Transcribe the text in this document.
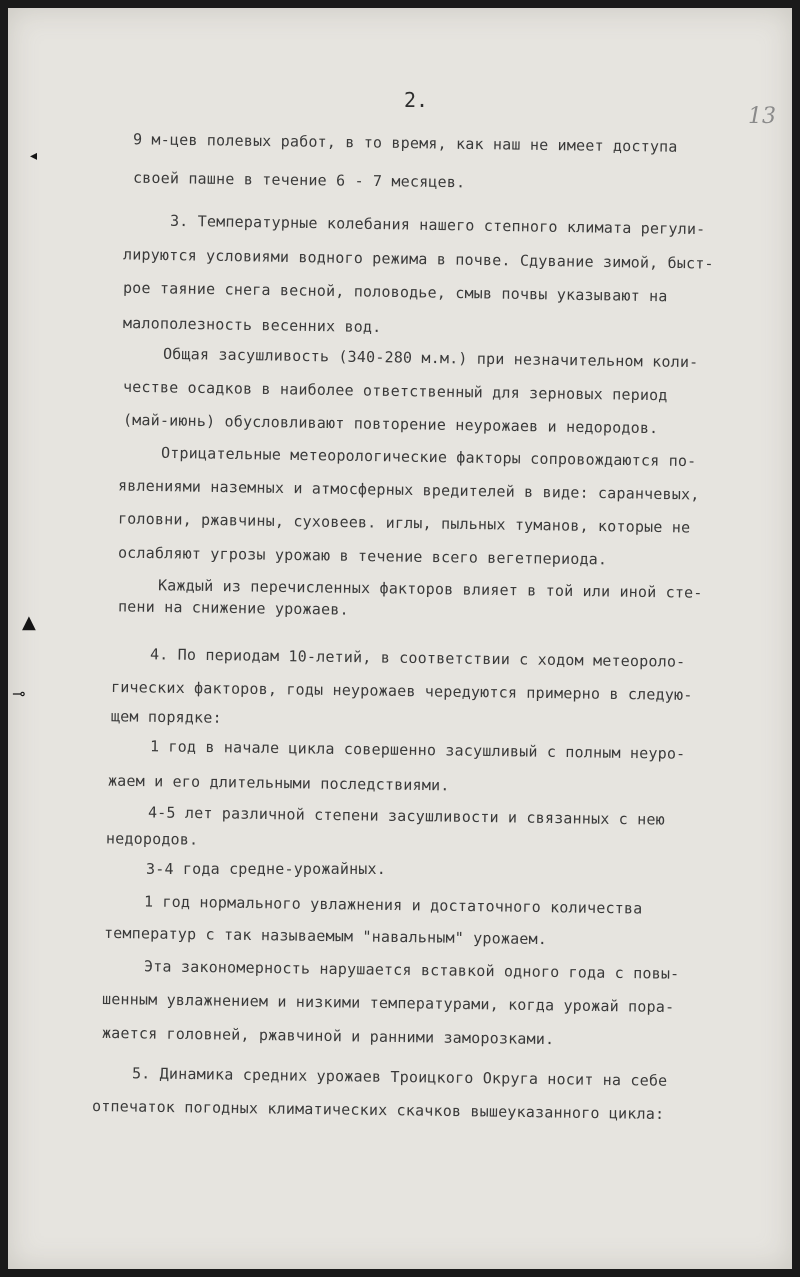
2.
13
◂
▲
⊸
9 м-цев полевых работ, в то время, как наш не имеет доступа
своей пашне в течение 6 - 7 месяцев.
3. Температурные колебания нашего степного климата регули-
лируются условиями водного режима в почве. Сдувание зимой, быст-
рое таяние снега весной, половодье, смыв почвы указывают на
малополезность весенних вод.
Общая засушливость (340-280 м.м.) при незначительном коли-
честве осадков в наиболее ответственный для зерновых период
(май-июнь) обусловливают повторение неурожаев и недородов.
Отрицательные метеорологические факторы сопровождаются по-
явлениями наземных и атмосферных вредителей в виде: саранчевых,
головни, ржавчины, суховеев. иглы, пыльных туманов, которые не
ослабляют угрозы урожаю в течение всего вегетпериода.
Каждый из перечисленных факторов влияет в той или иной сте-
пени на снижение урожаев.
4. По периодам 10-летий, в соответствии с ходом метеороло-
гических факторов, годы неурожаев чередуются примерно в следую-
щем порядке:
1 год в начале цикла совершенно засушливый с полным неуро-
жаем и его длительными последствиями.
4-5 лет различной степени засушливости и связанных с нею
недородов.
3-4 года средне-урожайных.
1 год нормального увлажнения и достаточного количества
температур с так называемым "навальным" урожаем.
Эта закономерность нарушается вставкой одного года с повы-
шенным увлажнением и низкими температурами, когда урожай пора-
жается головней, ржавчиной и ранними заморозками.
5. Динамика средних урожаев Троицкого Округа носит на себе
отпечаток погодных климатических скачков вышеуказанного цикла:
